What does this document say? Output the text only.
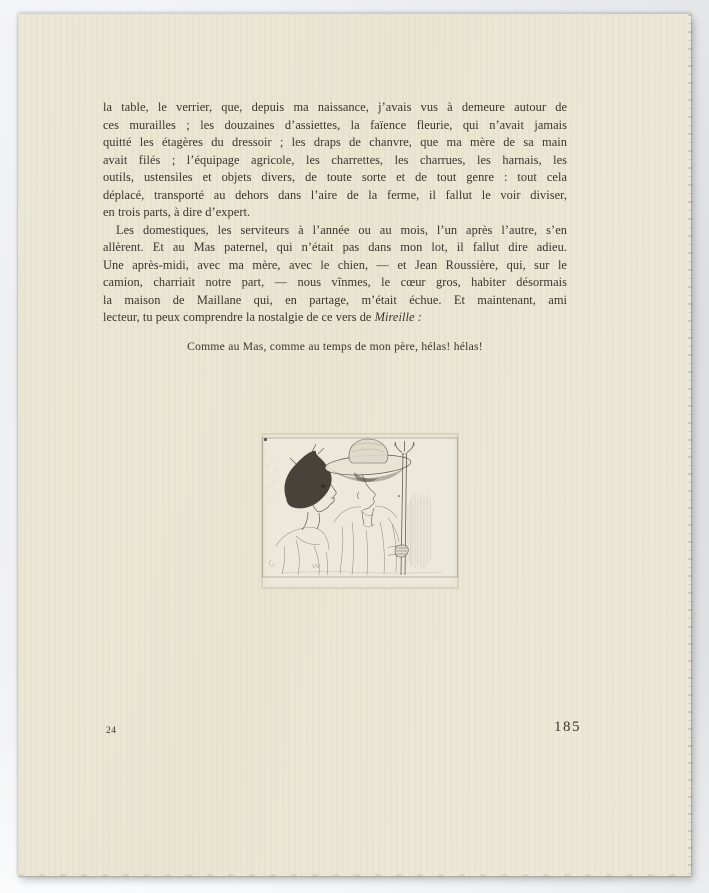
la table, le verrier, que, depuis ma naissance, j’avais vus à demeure autour de
ces murailles ; les douzaines d’assiettes, la faïence fleurie, qui n’avait jamais
quitté les étagères du dressoir ; les draps de chanvre, que ma mère de sa main
avait filés ; l’équipage agricole, les charrettes, les charrues, les harnais, les
outils, ustensiles et objets divers, de toute sorte et de tout genre : tout cela
déplacé, transporté au dehors dans l’aire de la ferme, il fallut le voir diviser,
en trois parts, à dire d’expert.
Les domestiques, les serviteurs à l’année ou au mois, l’un après l’autre, s’en
allèrent. Et au Mas paternel, qui n’était pas dans mon lot, il fallut dire adieu.
Une après-midi, avec ma mère, avec le chien, — et Jean Roussière, qui, sur le
camion, charriait notre part, — nous vînmes, le cœur gros, habiter désormais
la maison de Maillane qui, en partage, m’était échue. Et maintenant, ami
lecteur, tu peux comprendre la nostalgie de ce vers de Mireille :
Comme au Mas, comme au temps de mon père, hélas! hélas!
24	185
